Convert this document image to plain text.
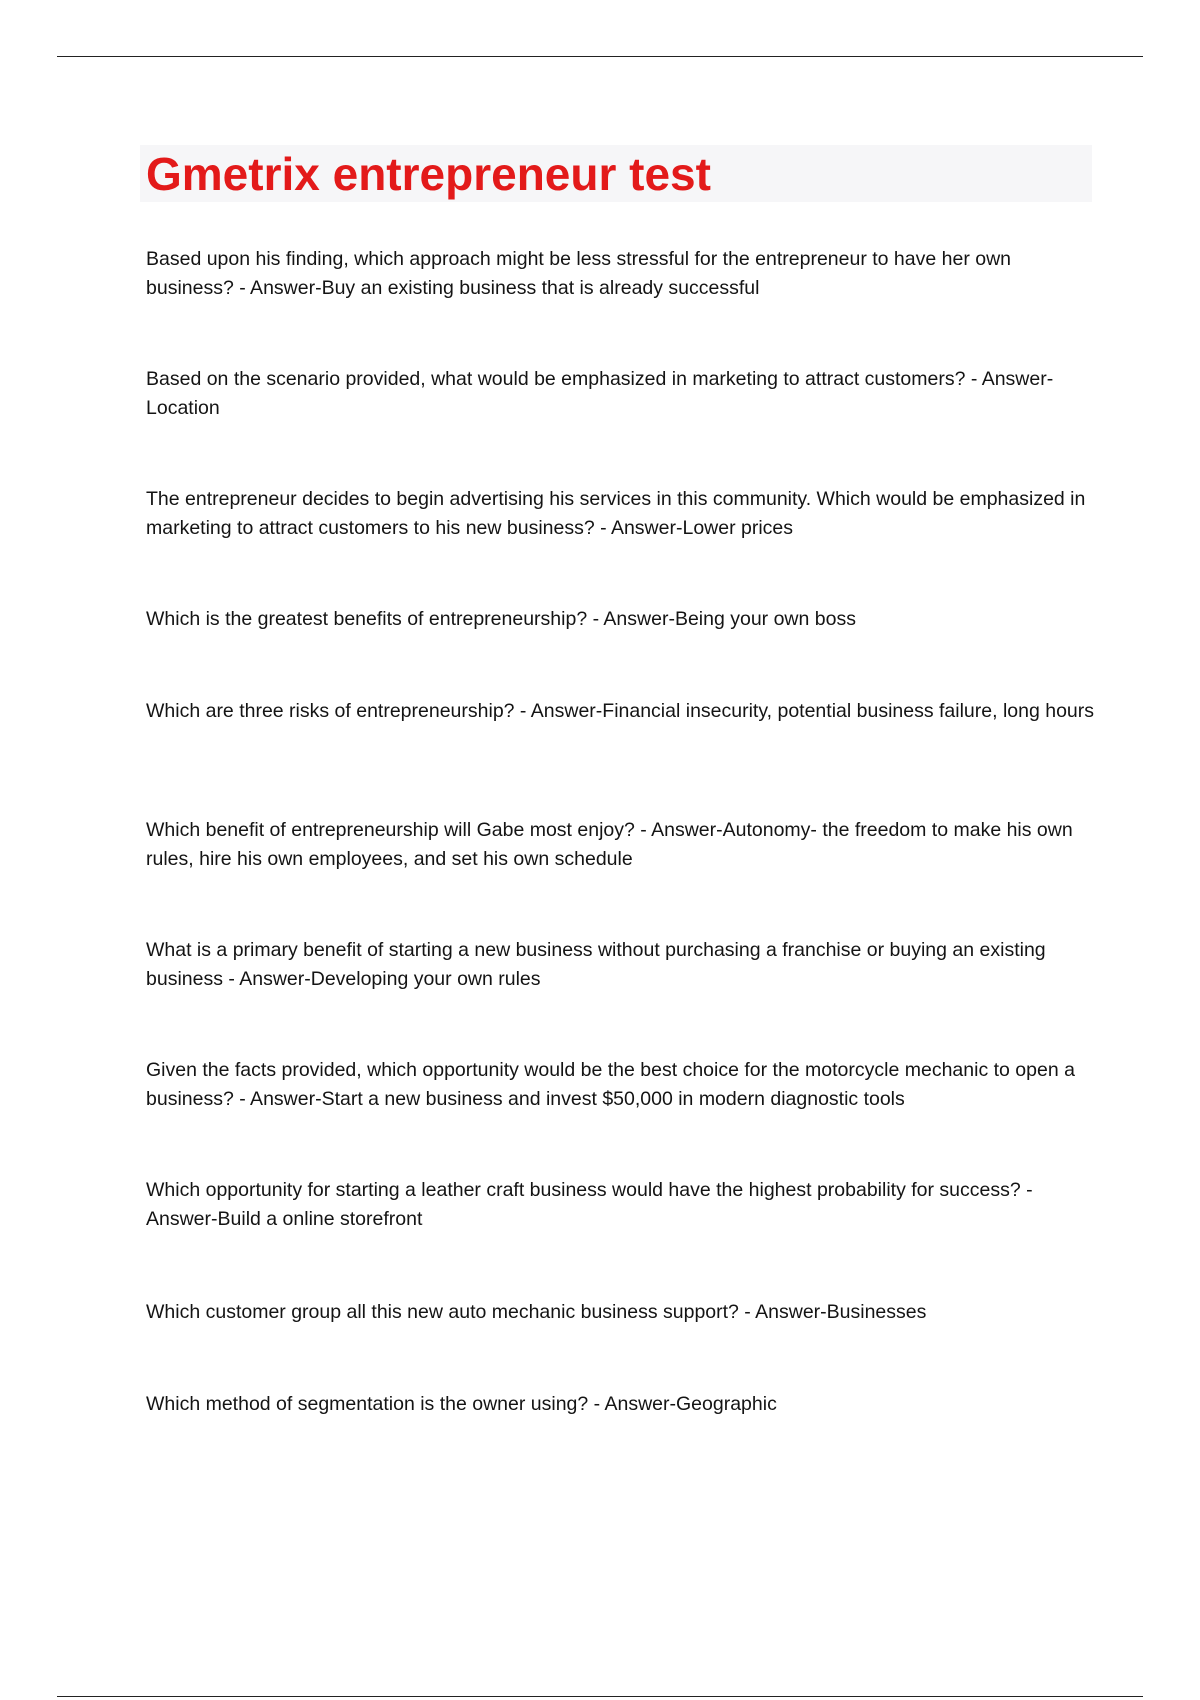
Gmetrix entrepreneur test

Based upon his finding, which approach might be less stressful for the entrepreneur to have her own business? - Answer-Buy an existing business that is already successful

Based on the scenario provided, what would be emphasized in marketing to attract customers? - Answer-Location

The entrepreneur decides to begin advertising his services in this community. Which would be emphasized in marketing to attract customers to his new business? - Answer-Lower prices

Which is the greatest benefits of entrepreneurship? - Answer-Being your own boss

Which are three risks of entrepreneurship? - Answer-Financial insecurity, potential business failure, long hours

Which benefit of entrepreneurship will Gabe most enjoy? - Answer-Autonomy- the freedom to make his own rules, hire his own employees, and set his own schedule

What is a primary benefit of starting a new business without purchasing a franchise or buying an existing business - Answer-Developing your own rules

Given the facts provided, which opportunity would be the best choice for the motorcycle mechanic to open a business? - Answer-Start a new business and invest $50,000 in modern diagnostic tools

Which opportunity for starting a leather craft business would have the highest probability for success? - Answer-Build a online storefront

Which customer group all this new auto mechanic business support? - Answer-Businesses

Which method of segmentation is the owner using? - Answer-Geographic
